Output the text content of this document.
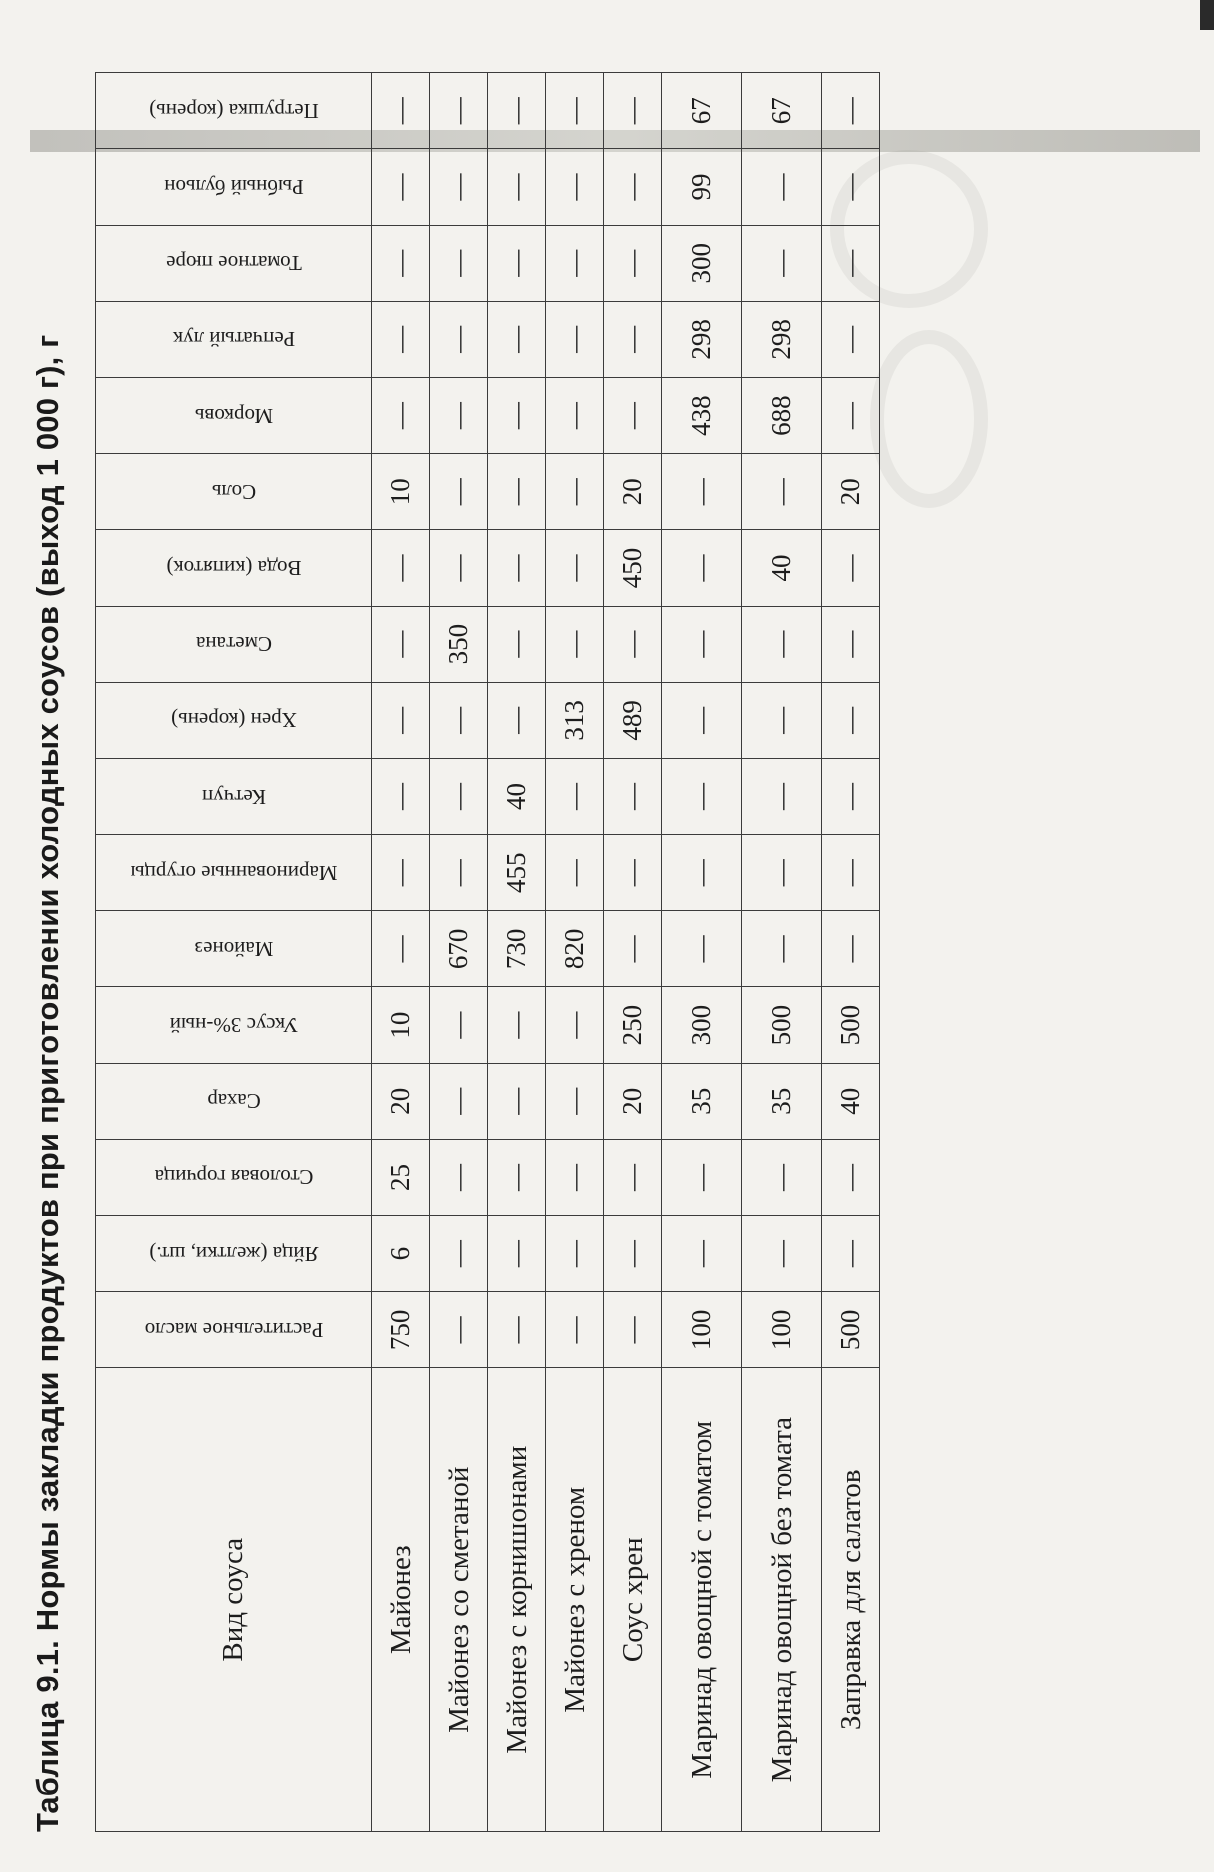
Таблица 9.1. Нормы закладки продуктов при приготовлении холодных соусов (выход 1 000 г), г	Вид соуса	Растительное масло	Яйца (желтки, шт.)	Столовая горчица	Сахар	Уксус 3%-ный	Майонез	Маринованные огурцы	Кетчуп	Хрен (корень)	Сметана	Вода (кипяток)	Соль	Морковь	Репчатый лук	Томатное пюре	Рыбный бульон	Петрушка (корень)

Майонез	750	6	25	20	10	—	—	—	—	—	—	10	—	—	—	—	—
Майонез со сметаной	—	—	—	—	—	670	—	—	—	350	—	—	—	—	—	—	—
Майонез с корнишонами	—	—	—	—	—	730	455	40	—	—	—	—	—	—	—	—	—
Майонез с хреном	—	—	—	—	—	820	—	—	313	—	—	—	—	—	—	—	—
Соус хрен	—	—	—	20	250	—	—	—	489	—	450	20	—	—	—	—	—
Маринад овощной с томатом	100	—	—	35	300	—	—	—	—	—	—	—	438	298	300	99	67
Маринад овощной без томата	100	—	—	35	500	—	—	—	—	—	40	—	688	298	—	—	67
Заправка для салатов	500	—	—	40	500	—	—	—	—	—	—	20	—	—	—	—	—
